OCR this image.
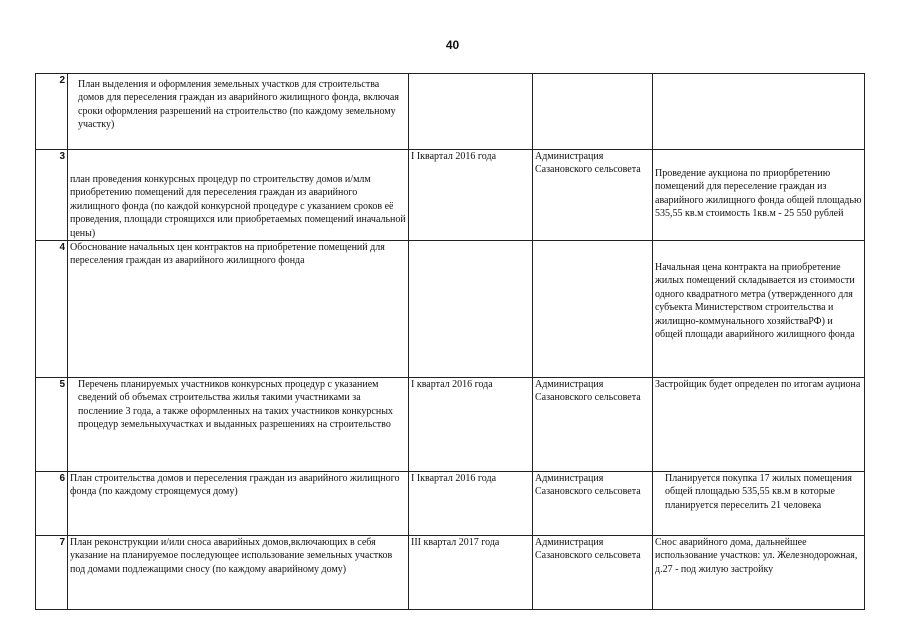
40
2	План выделения и оформления земельных участков для строительства домов для переселения граждан из аварийного жилищного фонда, включая сроки оформления разрешений на строительство (по каждому земельному участку)			
3	план проведения конкурсных процедур по строительству домов и/млм приобретению помещений для переселения граждан из аварийного жилищного фонда (по каждой конкурсной процедуре с указанием сроков её проведения, площади строящихся или приобретаемых помещений иначальной цены)	I Iквартал 2016 года	Администрация Сазановского сельсовета	Проведение аукциона по приорбретению помещений для переселение граждан из аварийного жилищного фонда общей площадью 535,55 кв.м стоимость 1кв.м - 25 550 рублей
4	Обоснование начальных цен контрактов на приобретение помещений для переселения граждан из аварийного жилищного фонда			Начальная цена контракта на приобретение жилых помещений складывается из стоимости одного квадратного метра (утвержденного для субъекта Министерством строительства и жилищно-коммунального хозяйстваРФ) и общей площади аварийного жилищного фонда
5	Перечень планируемых участников конкурсных процедур с указанием сведений об объемах строительства жилья такими участниками за послениие 3 года, а также оформленных на таких участников конкурсных процедур земельныхучастках и выданных разрешениях на строительство	I квартал 2016 года	Администрация Сазановского сельсовета	Застройщик будет определен по итогам ауциона
6	План строительства домов и переселения граждан из аварийного жилищного фонда (по каждому строящемуся дому)	I Iквартал 2016 года	Администрация Сазановского сельсовета	Планируется покупка 17 жилых помещения общей площадью 535,55 кв.м в которые планируется переселить 21 человека
7	План реконструкции и/или сноса аварийных домов,включающих в себя указание на планируемое последующее использование земельных участков под домами подлежащими сносу (по каждому аварийному дому)	III квартал 2017 года	Администрация Сазановского сельсовета	Снос аварийного дома, дальнейшее использование участков: ул. Железнодорожная, д.27 - под жилую застройку
